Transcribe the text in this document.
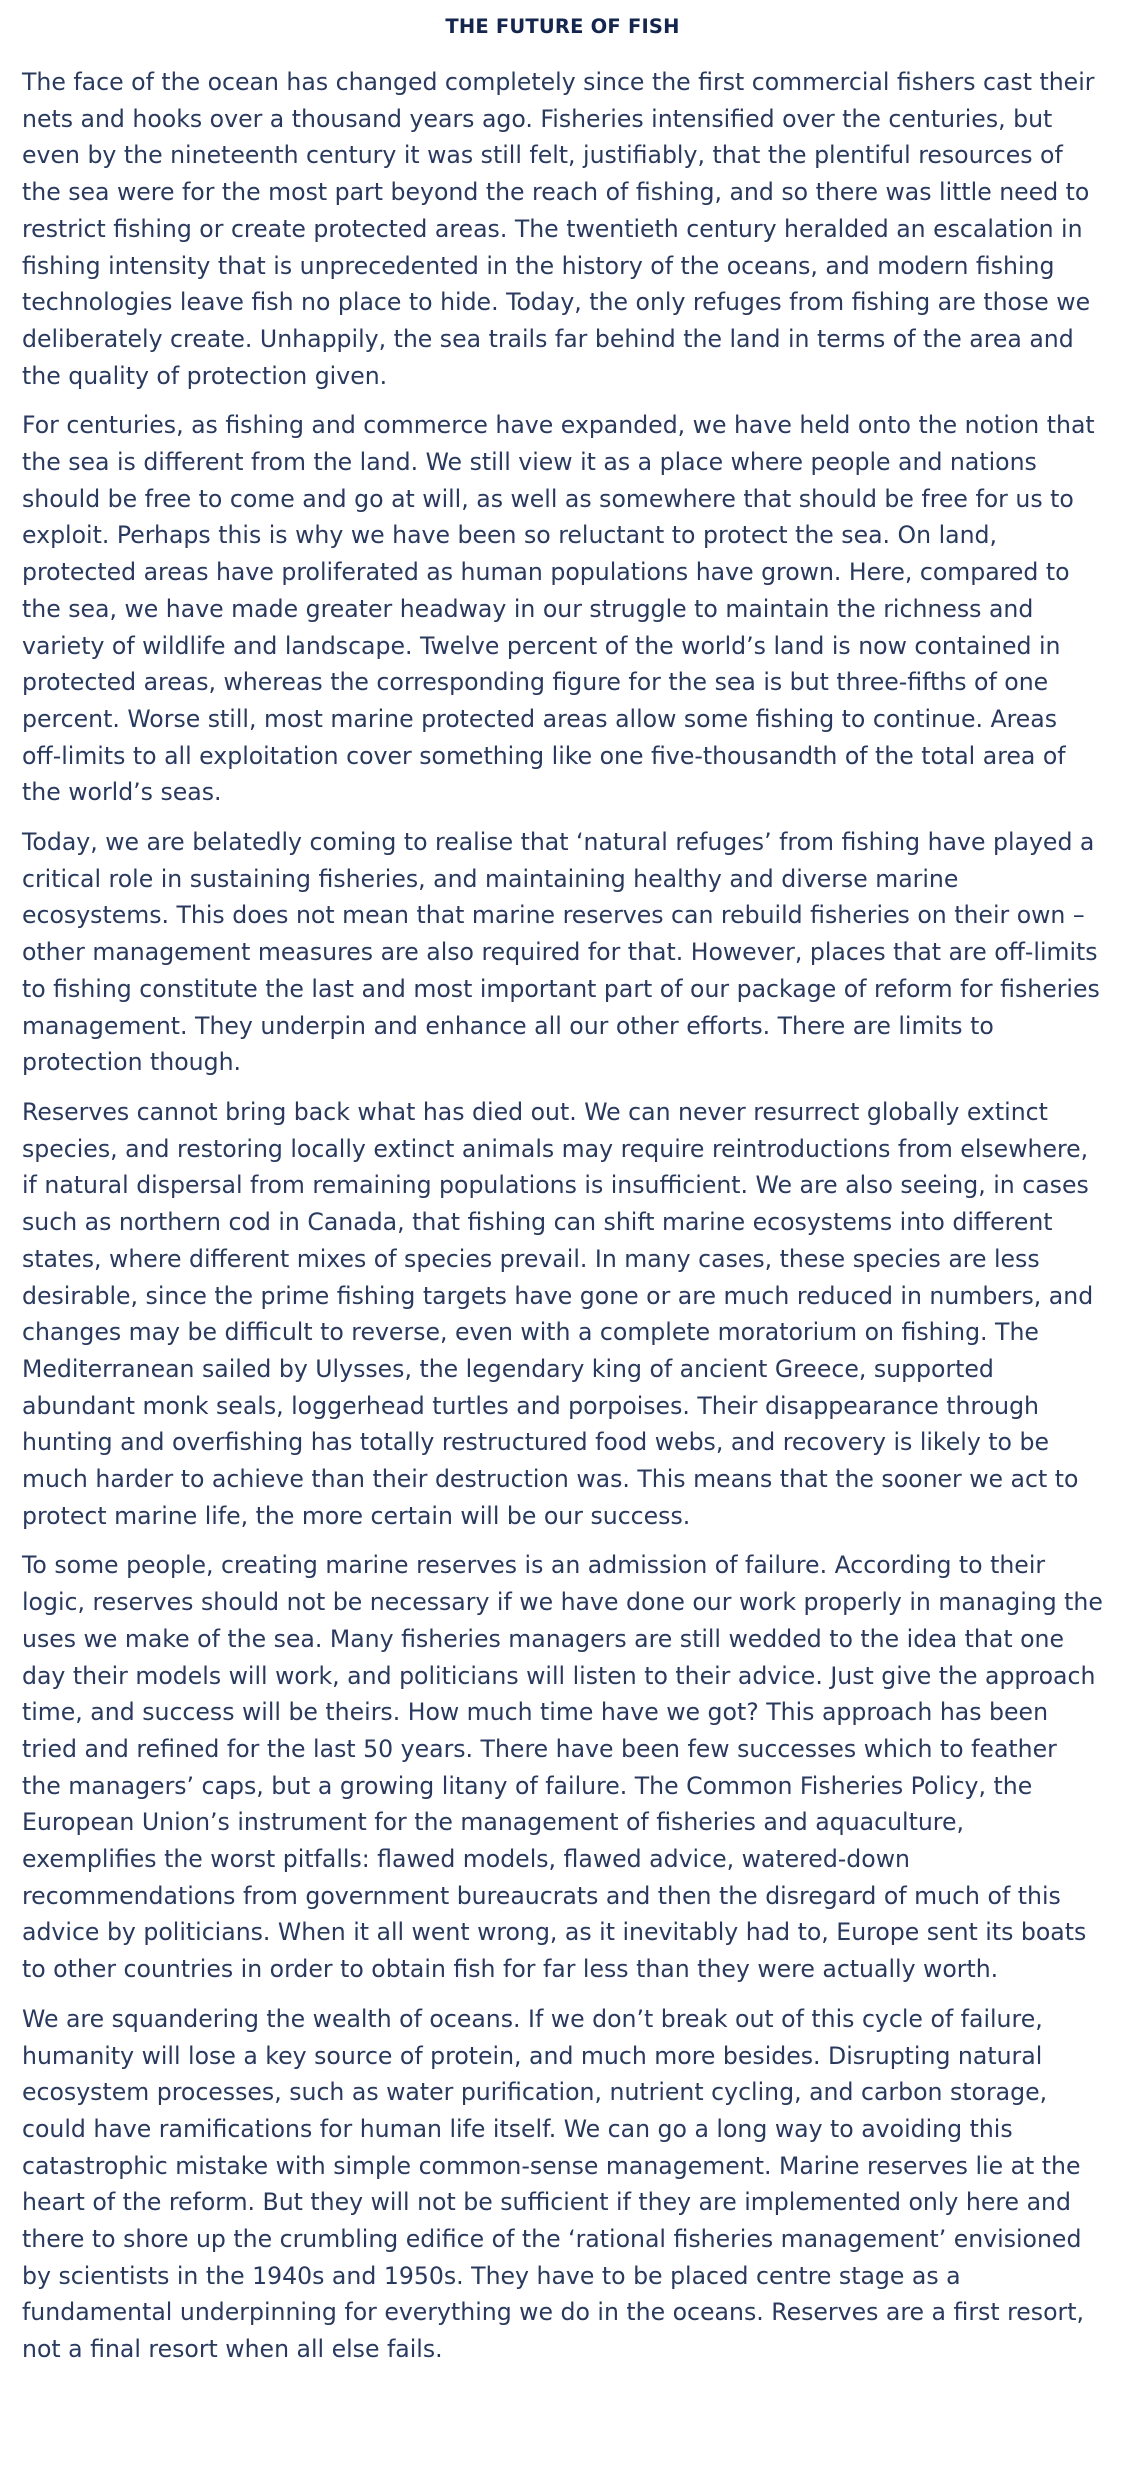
THE FUTURE OF FISH

The face of the ocean has changed completely since the first commercial fishers cast their nets and hooks over a thousand years ago. Fisheries intensified over the centuries, but even by the nineteenth century it was still felt, justifiably, that the plentiful resources of the sea were for the most part beyond the reach of fishing, and so there was little need to restrict fishing or create protected areas. The twentieth century heralded an escalation in fishing intensity that is unprecedented in the history of the oceans, and modern fishing technologies leave fish no place to hide. Today, the only refuges from fishing are those we deliberately create. Unhappily, the sea trails far behind the land in terms of the area and the quality of protection given.

For centuries, as fishing and commerce have expanded, we have held onto the notion that the sea is different from the land. We still view it as a place where people and nations should be free to come and go at will, as well as somewhere that should be free for us to exploit. Perhaps this is why we have been so reluctant to protect the sea. On land, protected areas have proliferated as human populations have grown. Here, compared to the sea, we have made greater headway in our struggle to maintain the richness and variety of wildlife and landscape. Twelve percent of the world’s land is now contained in protected areas, whereas the corresponding figure for the sea is but three-fifths of one percent. Worse still, most marine protected areas allow some fishing to continue. Areas off-limits to all exploitation cover something like one five-thousandth of the total area of the world’s seas.

Today, we are belatedly coming to realise that ‘natural refuges’ from fishing have played a critical role in sustaining fisheries, and maintaining healthy and diverse marine ecosystems. This does not mean that marine reserves can rebuild fisheries on their own – other management measures are also required for that. However, places that are off-limits to fishing constitute the last and most important part of our package of reform for fisheries management. They underpin and enhance all our other efforts. There are limits to protection though.

Reserves cannot bring back what has died out. We can never resurrect globally extinct species, and restoring locally extinct animals may require reintroductions from elsewhere, if natural dispersal from remaining populations is insufficient. We are also seeing, in cases such as northern cod in Canada, that fishing can shift marine ecosystems into different states, where different mixes of species prevail. In many cases, these species are less desirable, since the prime fishing targets have gone or are much reduced in numbers, and changes may be difficult to reverse, even with a complete moratorium on fishing. The Mediterranean sailed by Ulysses, the legendary king of ancient Greece, supported abundant monk seals, loggerhead turtles and porpoises. Their disappearance through hunting and overfishing has totally restructured food webs, and recovery is likely to be much harder to achieve than their destruction was. This means that the sooner we act to protect marine life, the more certain will be our success.

To some people, creating marine reserves is an admission of failure. According to their logic, reserves should not be necessary if we have done our work properly in managing the uses we make of the sea. Many fisheries managers are still wedded to the idea that one day their models will work, and politicians will listen to their advice. Just give the approach time, and success will be theirs. How much time have we got? This approach has been tried and refined for the last 50 years. There have been few successes which to feather the managers’ caps, but a growing litany of failure. The Common Fisheries Policy, the European Union’s instrument for the management of fisheries and aquaculture, exemplifies the worst pitfalls: flawed models, flawed advice, watered-down recommendations from government bureaucrats and then the disregard of much of this advice by politicians. When it all went wrong, as it inevitably had to, Europe sent its boats to other countries in order to obtain fish for far less than they were actually worth.

We are squandering the wealth of oceans. If we don’t break out of this cycle of failure, humanity will lose a key source of protein, and much more besides. Disrupting natural ecosystem processes, such as water purification, nutrient cycling, and carbon storage, could have ramifications for human life itself. We can go a long way to avoiding this catastrophic mistake with simple common-sense management. Marine reserves lie at the heart of the reform. But they will not be sufficient if they are implemented only here and there to shore up the crumbling edifice of the ‘rational fisheries management’ envisioned by scientists in the 1940s and 1950s. They have to be placed centre stage as a fundamental underpinning for everything we do in the oceans. Reserves are a first resort, not a final resort when all else fails.
